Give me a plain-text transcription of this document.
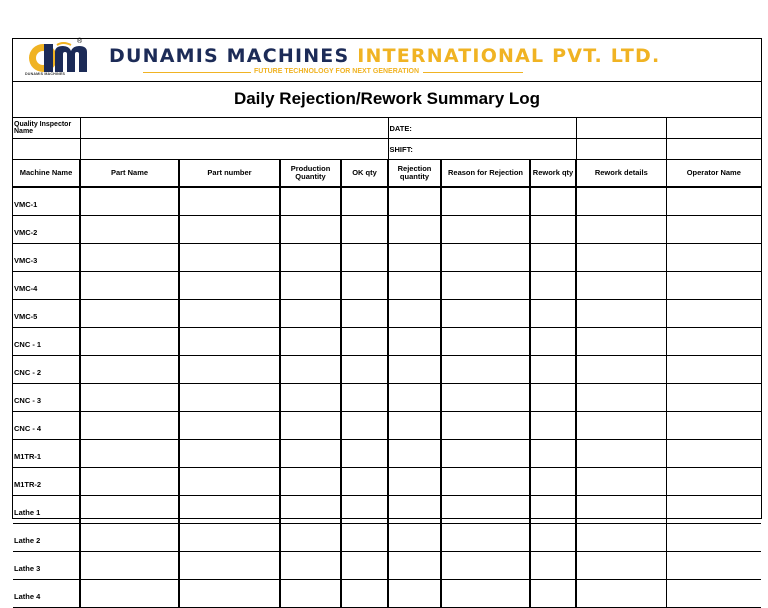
®
DUNAMIS MACHINES
DUNAMIS MACHINES INTERNATIONAL PVT. LTD.
FUTURE TECHNOLOGY FOR NEXT GENERATION
Daily Rejection/Rework Summary Log
Quality Inspector Name					DATE:				
					SHIFT:				
Machine Name	Part Name	Part number	Production Quantity	OK qty	Rejection quantity	Reason for Rejection	Rework qty	Rework details	Operator Name
VMC-1									
VMC-2									
VMC-3									
VMC-4									
VMC-5									
CNC - 1									
CNC - 2									
CNC - 3									
CNC - 4									
M1TR-1									
M1TR-2									
Lathe 1									
Lathe 2									
Lathe 3									
Lathe 4									
